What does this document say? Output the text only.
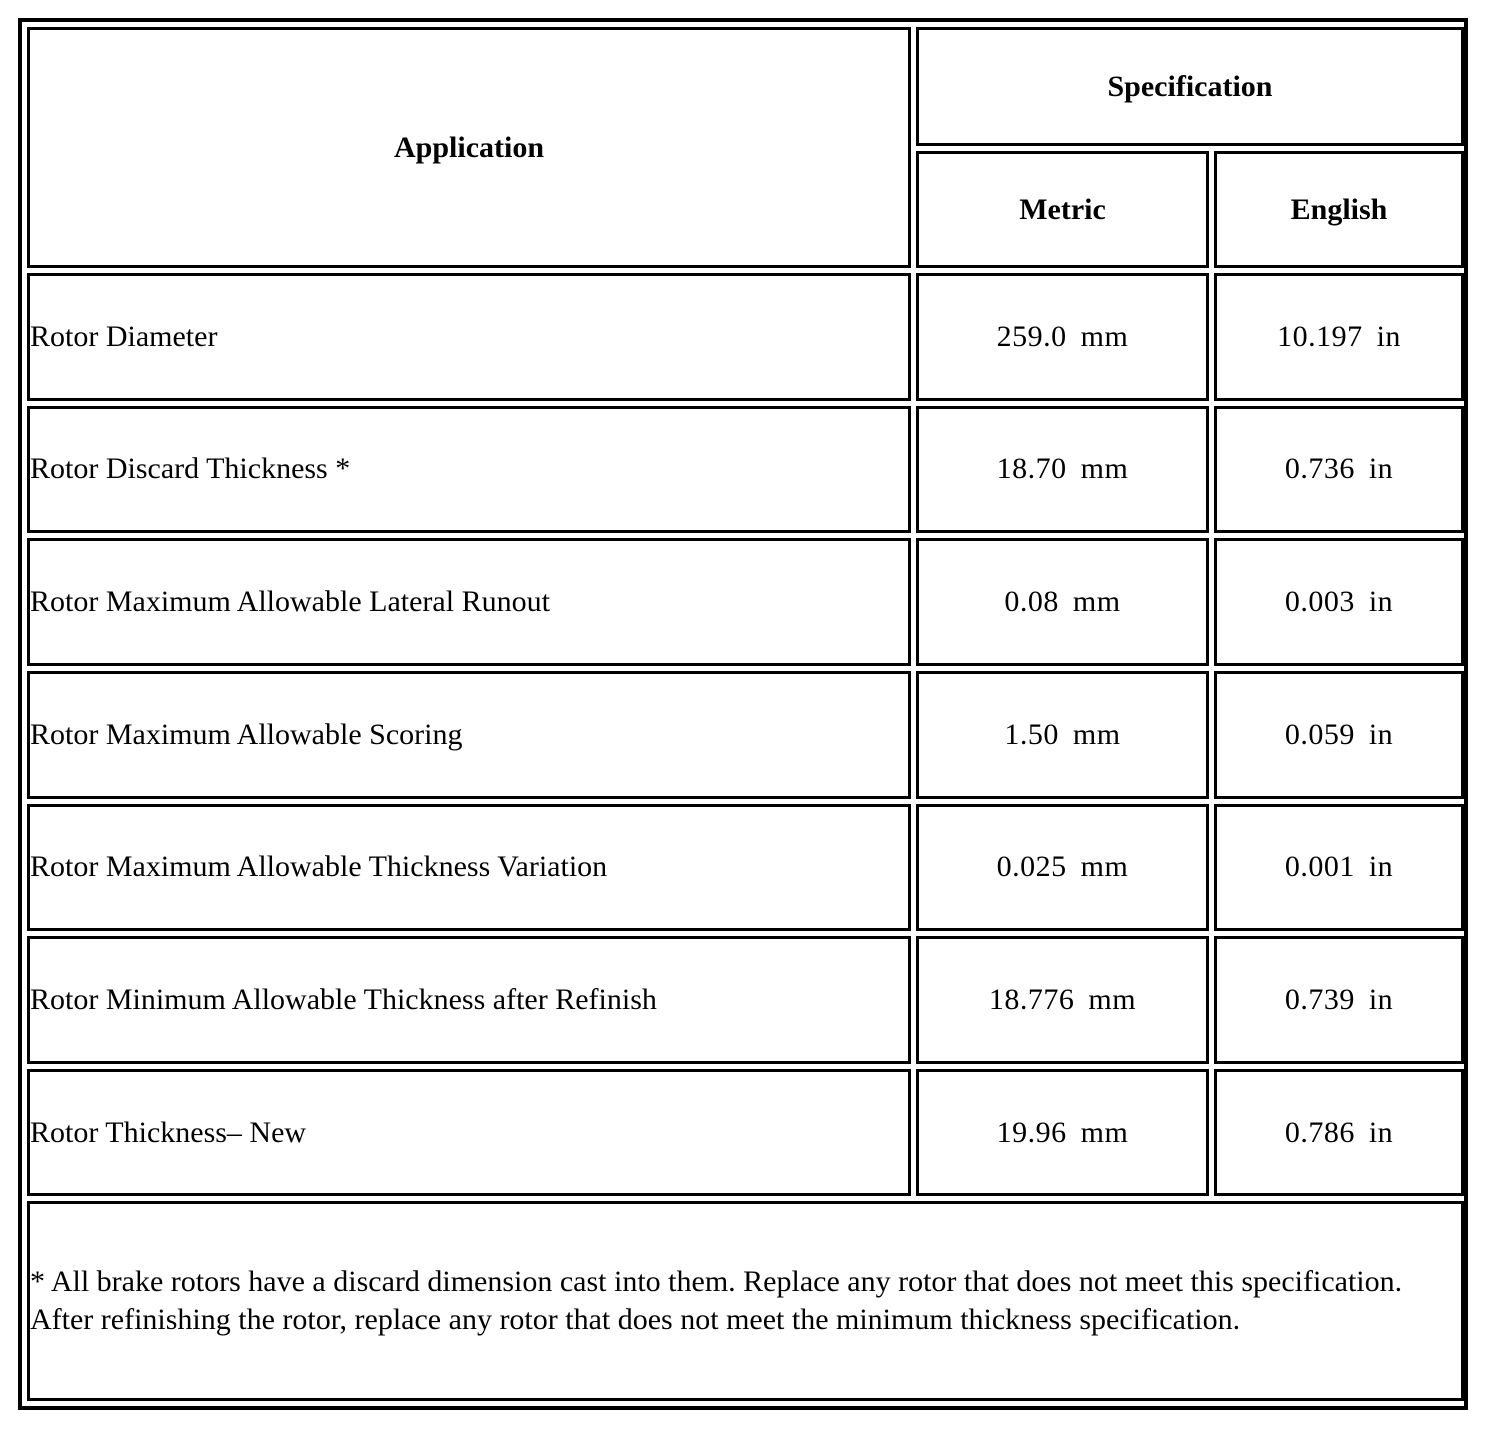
Application	Specification	
	Metric	English
Rotor Diameter	259.0 mm	10.197 in
Rotor Discard Thickness *	18.70 mm	0.736 in
Rotor Maximum Allowable Lateral Runout	0.08 mm	0.003 in
Rotor Maximum Allowable Scoring	1.50 mm	0.059 in
Rotor Maximum Allowable Thickness Variation	0.025 mm	0.001 in
Rotor Minimum Allowable Thickness after Refinish	18.776 mm	0.739 in
Rotor Thickness– New	19.96 mm	0.786 in
* All brake rotors have a discard dimension cast into them. Replace any rotor that does not meet this specification. After refinishing the rotor, replace any rotor that does not meet the minimum thickness specification.		
